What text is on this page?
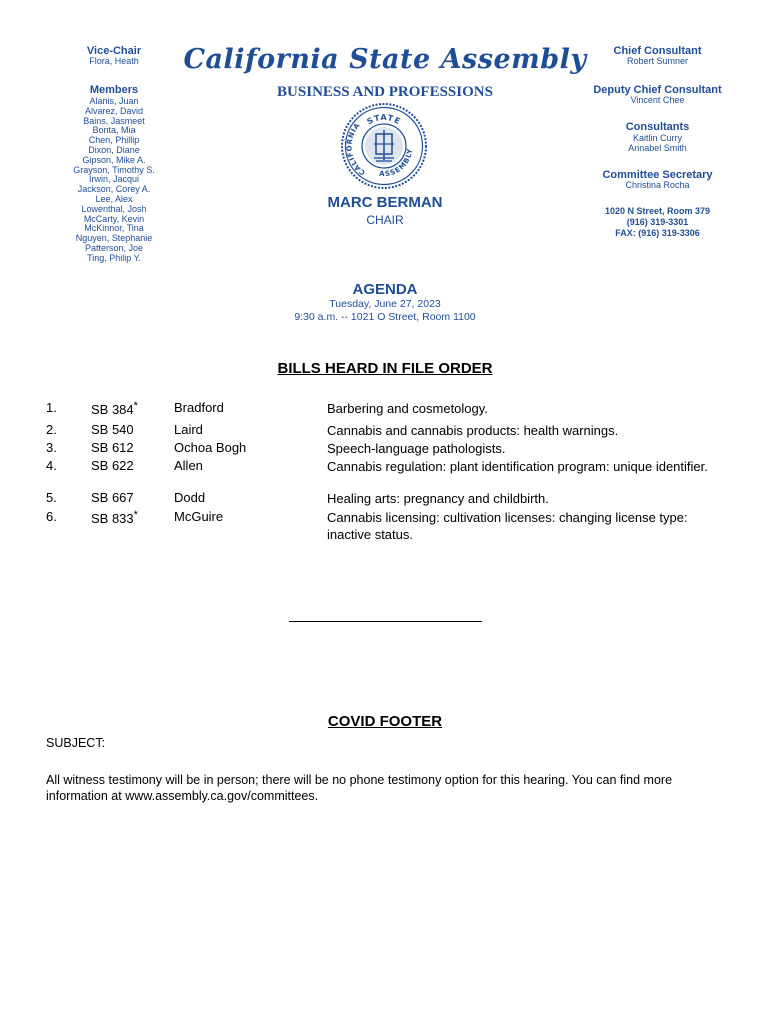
Vice-Chair
Flora, Heath
Members
Alanis, Juan
Alvarez, David
Bains, Jasmeet
Bonta, Mia
Chen, Phillip
Dixon, Diane
Gipson, Mike A.
Grayson, Timothy S.
Irwin, Jacqui
Jackson, Corey A.
Lee, Alex
Lowenthal, Josh
McCarty, Kevin
McKinnor, Tina
Nguyen, Stephanie
Patterson, Joe
Ting, Philip Y.
California State Assembly
BUSINESS AND PROFESSIONS
STATE
ASSEMBLY
CALIFORNIA
MARC BERMAN
CHAIR
Chief Consultant
Robert Sumner
Deputy Chief Consultant
Vincent Chee
Consultants
Kaitlin Curry
Annabel Smith
Committee Secretary
Christina Rocha
1020 N Street, Room 379
(916) 319-3301
FAX: (916) 319-3306
AGENDA
Tuesday, June 27, 2023
9:30 a.m. -- 1021 O Street, Room 1100
BILLS HEARD IN FILE ORDER
1.	SB 384*	Bradford	Barbering and cosmetology.
2.	SB 540	Laird	Cannabis and cannabis products: health warnings.
3.	SB 612	Ochoa Bogh	Speech-language pathologists.
4.	SB 622	Allen	Cannabis regulation: plant identification program: unique identifier.
5.	SB 667	Dodd	Healing arts: pregnancy and childbirth.
6.	SB 833*	McGuire	Cannabis licensing: cultivation licenses: changing license type: inactive status.
COVID FOOTER
SUBJECT:
All witness testimony will be in person; there will be no phone testimony option for this hearing. You can find more information at www.assembly.ca.gov/committees.
